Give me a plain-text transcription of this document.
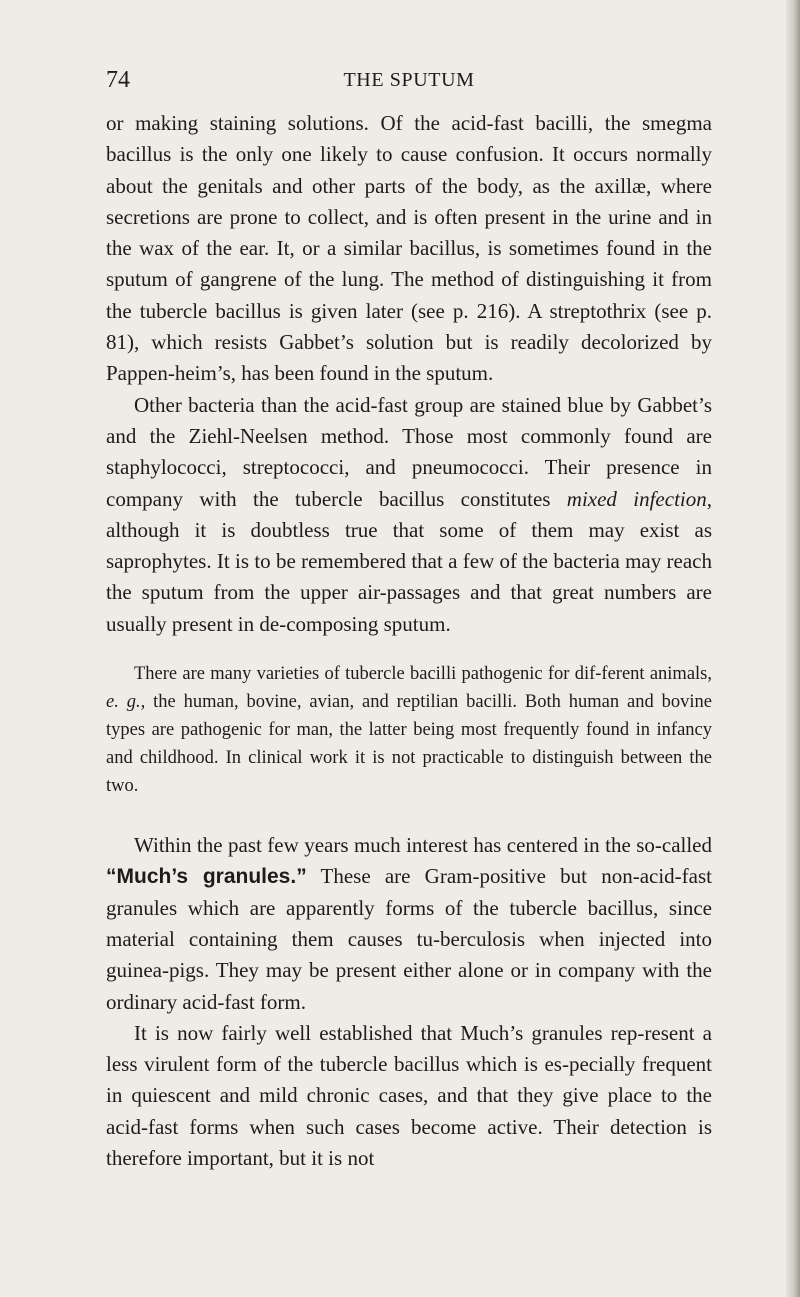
74	THE SPUTUM

or making staining solutions. Of the acid-fast bacilli, the smegma bacillus is the only one likely to cause confusion. It occurs normally about the genitals and other parts of the body, as the axillæ, where secretions are prone to collect, and is often present in the urine and in the wax of the ear. It, or a similar bacillus, is sometimes found in the sputum of gangrene of the lung. The method of distinguishing it from the tubercle bacillus is given later (see p. 216). A streptothrix (see p. 81), which resists Gabbet’s solution but is readily decolorized by Pappen-heim’s, has been found in the sputum.

Other bacteria than the acid-fast group are stained blue by Gabbet’s and the Ziehl-Neelsen method. Those most commonly found are staphylococci, streptococci, and pneumococci. Their presence in company with the tubercle bacillus constitutes mixed infection, although it is doubtless true that some of them may exist as saprophytes. It is to be remembered that a few of the bacteria may reach the sputum from the upper air-passages and that great numbers are usually present in de-composing sputum.

There are many varieties of tubercle bacilli pathogenic for dif-ferent animals, e. g., the human, bovine, avian, and reptilian bacilli. Both human and bovine types are pathogenic for man, the latter being most frequently found in infancy and childhood. In clinical work it is not practicable to distinguish between the two.

Within the past few years much interest has centered in the so-called “Much’s granules.” These are Gram-positive but non-acid-fast granules which are apparently forms of the tubercle bacillus, since material containing them causes tu-berculosis when injected into guinea-pigs. They may be present either alone or in company with the ordinary acid-fast form.

It is now fairly well established that Much’s granules rep-resent a less virulent form of the tubercle bacillus which is es-pecially frequent in quiescent and mild chronic cases, and that they give place to the acid-fast forms when such cases become active. Their detection is therefore important, but it is not
